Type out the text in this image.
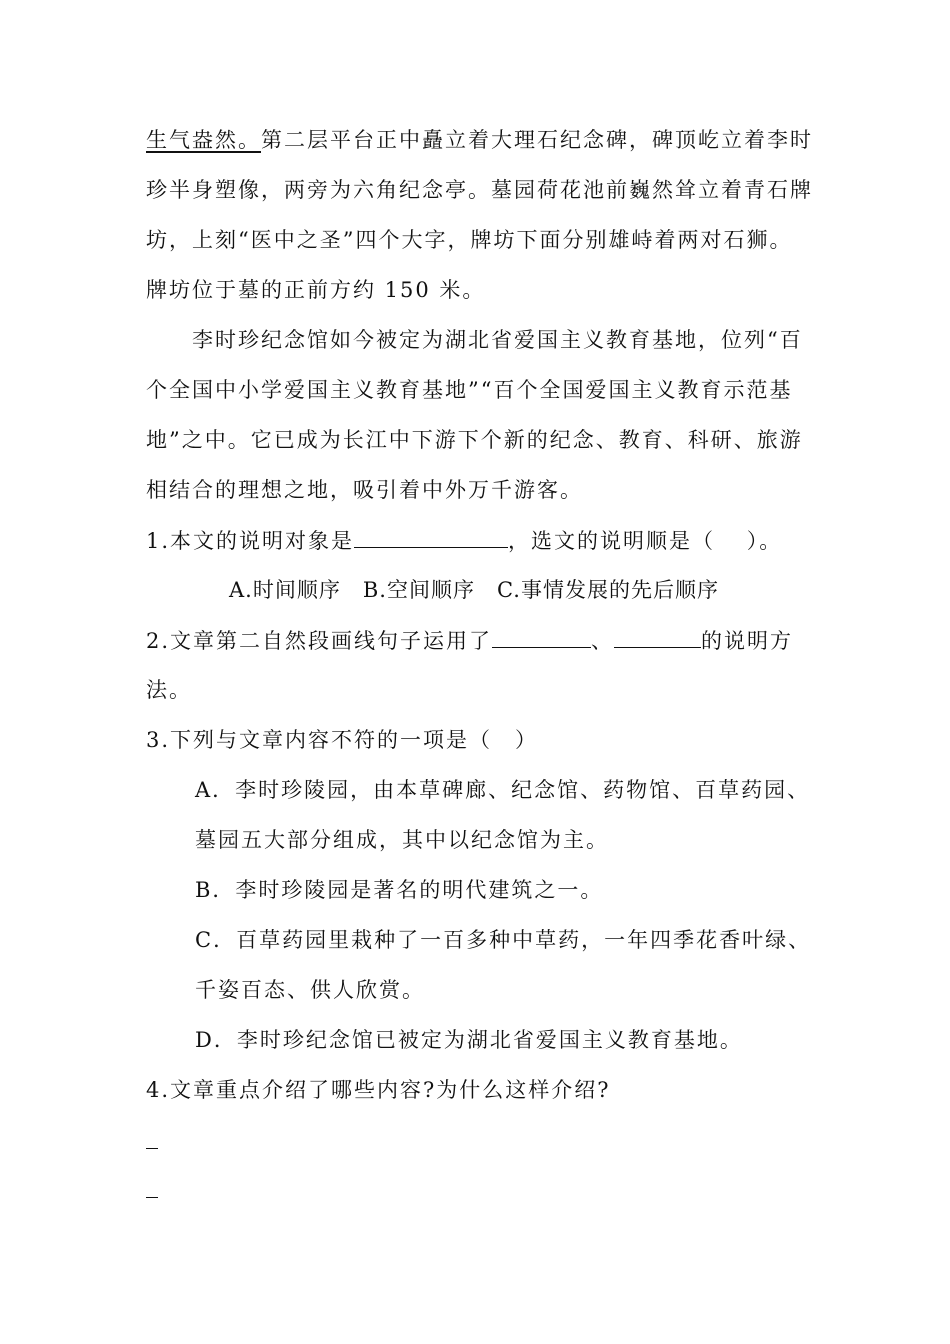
生气盎然。第二层平台正中矗立着大理石纪念碑，碑顶屹立着李时
珍半身塑像，两旁为六角纪念亭。墓园荷花池前巍然耸立着青石牌
坊，上刻“医中之圣”四个大字，牌坊下面分别雄峙着两对石狮。
牌坊位于墓的正前方约 150 米。
李时珍纪念馆如今被定为湖北省爱国主义教育基地，位列“百
个全国中小学爱国主义教育基地”“百个全国爱国主义教育示范基
地”之中。它已成为长江中下游下个新的纪念、教育、科研、旅游
相结合的理想之地，吸引着中外万千游客。
1.本文的说明对象是	，选文的说明顺是（　 ）。
A.时间顺序　B.空间顺序　C.事情发展的先后顺序
2.文章第二自然段画线句子运用了	、	的说明方
法。
3.下列与文章内容不符的一项是（　）
A．李时珍陵园，由本草碑廊、纪念馆、药物馆、百草药园、
墓园五大部分组成，其中以纪念馆为主。
B．李时珍陵园是著名的明代建筑之一。
C．百草药园里栽种了一百多种中草药，一年四季花香叶绿、
千姿百态、供人欣赏。
D．李时珍纪念馆已被定为湖北省爱国主义教育基地。
4.文章重点介绍了哪些内容?为什么这样介绍?
